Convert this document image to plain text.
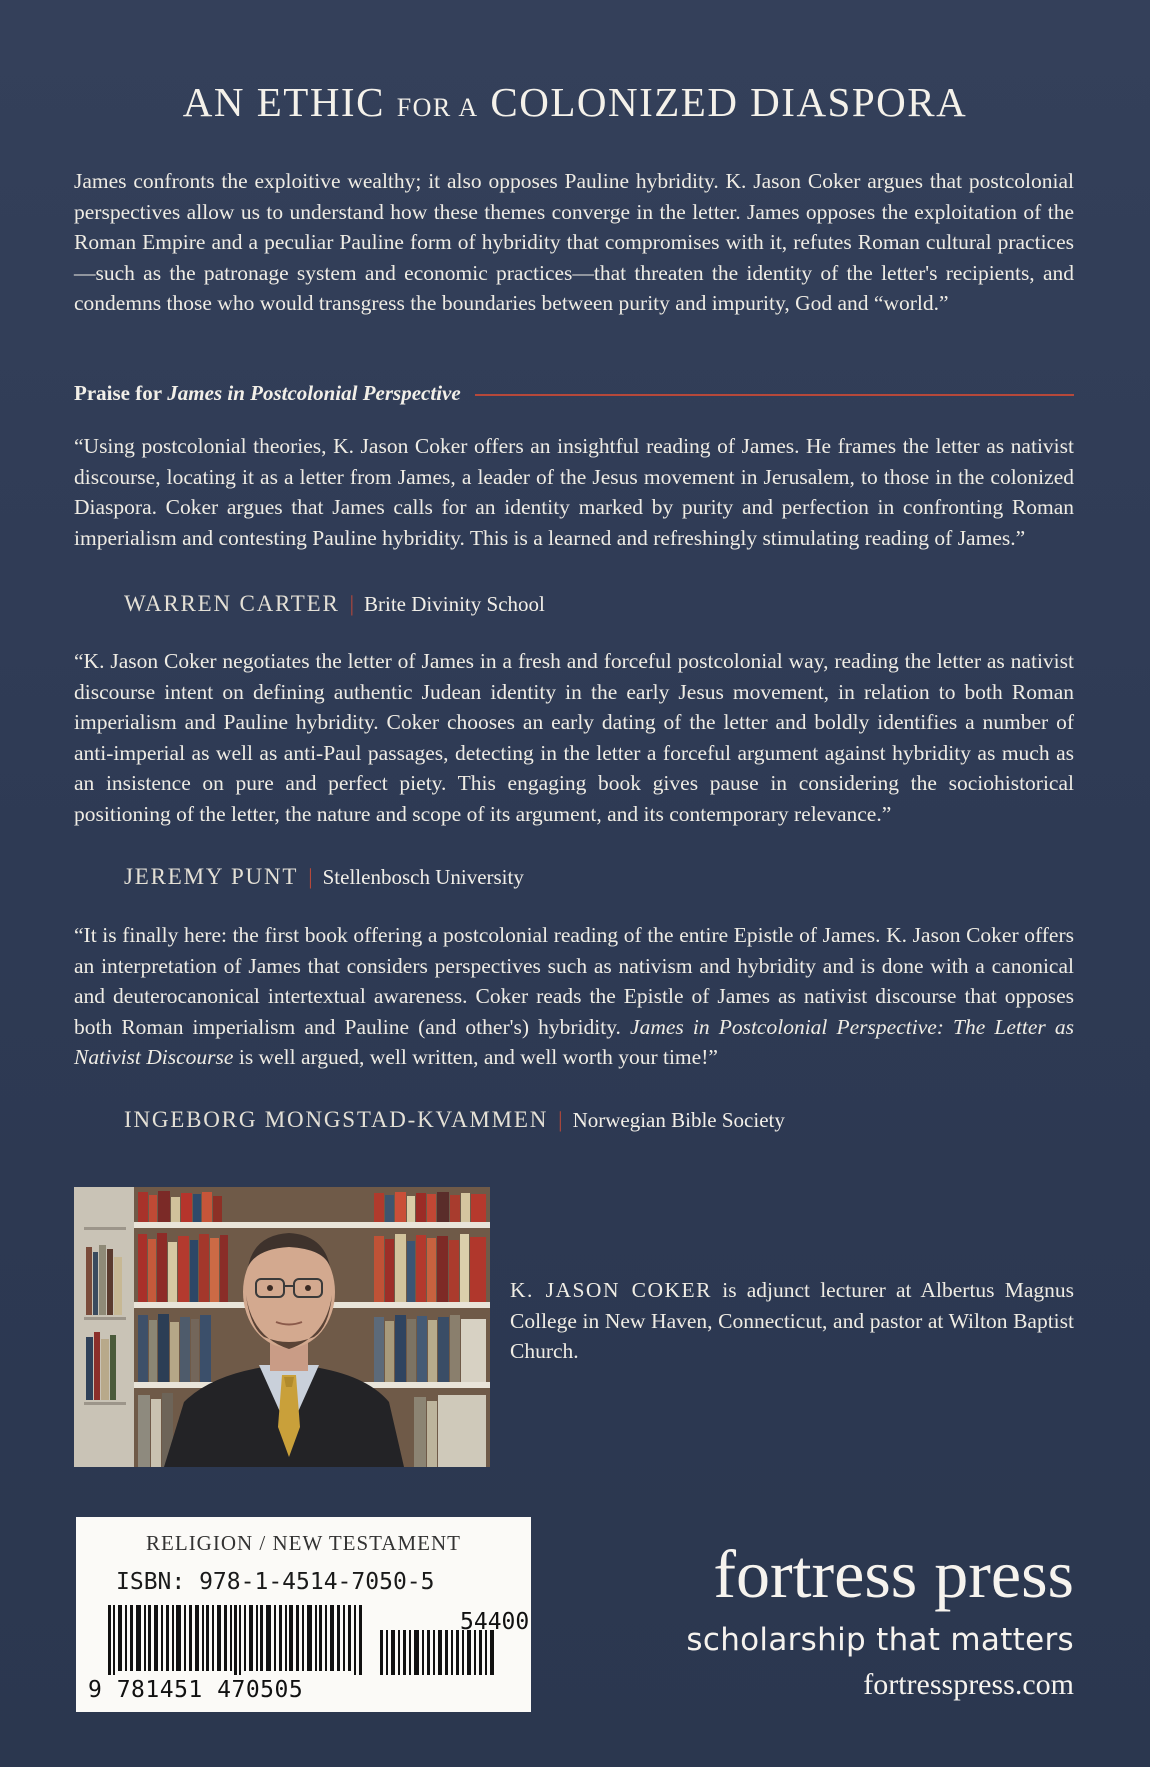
AN ETHIC FOR A COLONIZED DIASPORA
James confronts the exploitive wealthy; it also opposes Pauline hybridity. K. Jason Coker argues that postcolonial perspectives allow us to understand how these themes converge in the letter. James opposes the exploitation of the Roman Empire and a peculiar Pauline form of hybridity that compromises with it, refutes Roman cultural practices—such as the patronage system and economic practices—that threaten the identity of the letter's recipients, and condemns those who would transgress the boundaries between purity and impurity, God and “world.”
Praise for James in Postcolonial Perspective
“Using postcolonial theories, K. Jason Coker offers an insightful reading of James. He frames the letter as nativist discourse, locating it as a letter from James, a leader of the Jesus movement in Jerusalem, to those in the colonized Diaspora. Coker argues that James calls for an identity marked by purity and perfection in confronting Roman imperialism and contesting Pauline hybridity. This is a learned and refreshingly stimulating reading of James.”
WARREN CARTER | Brite Divinity School
“K. Jason Coker negotiates the letter of James in a fresh and forceful postcolonial way, reading the letter as nativist discourse intent on defining authentic Judean identity in the early Jesus movement, in relation to both Roman imperialism and Pauline hybridity. Coker chooses an early dating of the letter and boldly identifies a number of anti-imperial as well as anti-Paul passages, detecting in the letter a forceful argument against hybridity as much as an insistence on pure and perfect piety. This engaging book gives pause in considering the sociohistorical positioning of the letter, the nature and scope of its argument, and its contemporary relevance.”
JEREMY PUNT | Stellenbosch University
“It is finally here: the first book offering a postcolonial reading of the entire Epistle of James. K. Jason Coker offers an interpretation of James that considers perspectives such as nativism and hybridity and is done with a canonical and deuterocanonical intertextual awareness. Coker reads the Epistle of James as nativist discourse that opposes both Roman imperialism and Pauline (and other's) hybridity. James in Postcolonial Perspective: The Letter as Nativist Discourse is well argued, well written, and well worth your time!”
INGEBORG MONGSTAD-KVAMMEN | Norwegian Bible Society
K. JASON COKER is adjunct lecturer at Albertus Magnus College in New Haven, Connecticut, and pastor at Wilton Baptist Church.
RELIGION / NEW TESTAMENT
ISBN: 978-1-4514-7050-5
54400
9 781451 470505
fortress press
scholarship that matters
fortresspress.com
